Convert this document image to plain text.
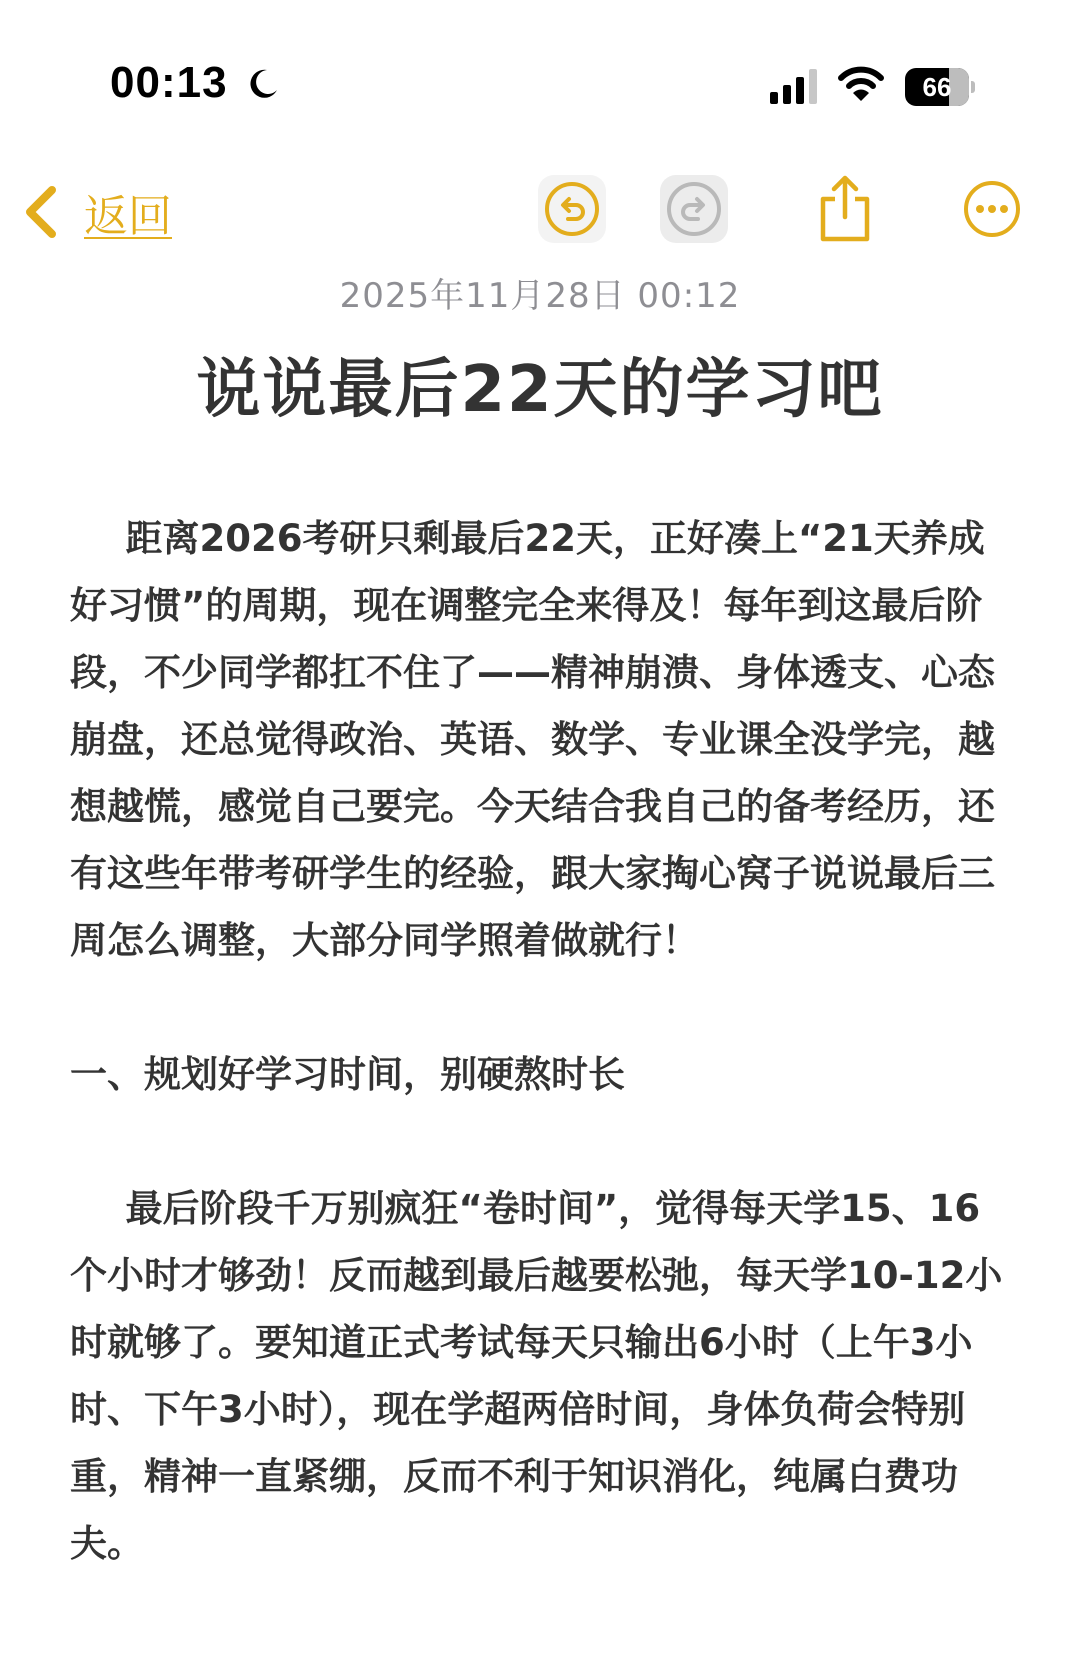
00:13	66
返回
2025年11月28日 00:12
说说最后22天的学习吧

距离2026考研只剩最后22天，正好凑上“21天养成好习惯”的周期，现在调整完全来得及！每年到这最后阶段，不少同学都扛不住了——精神崩溃、身体透支、心态崩盘，还总觉得政治、英语、数学、专业课全没学完，越想越慌，感觉自己要完。今天结合我自己的备考经历，还有这些年带考研学生的经验，跟大家掏心窝子说说最后三周怎么调整，大部分同学照着做就行！

一、规划好学习时间，别硬熬时长

最后阶段千万别疯狂“卷时间”，觉得每天学15、16个小时才够劲！反而越到最后越要松弛，每天学10-12小时就够了。要知道正式考试每天只输出6小时（上午3小时、下午3小时），现在学超两倍时间，身体负荷会特别重，精神一直紧绷，反而不利于知识消化，纯属白费功夫。
